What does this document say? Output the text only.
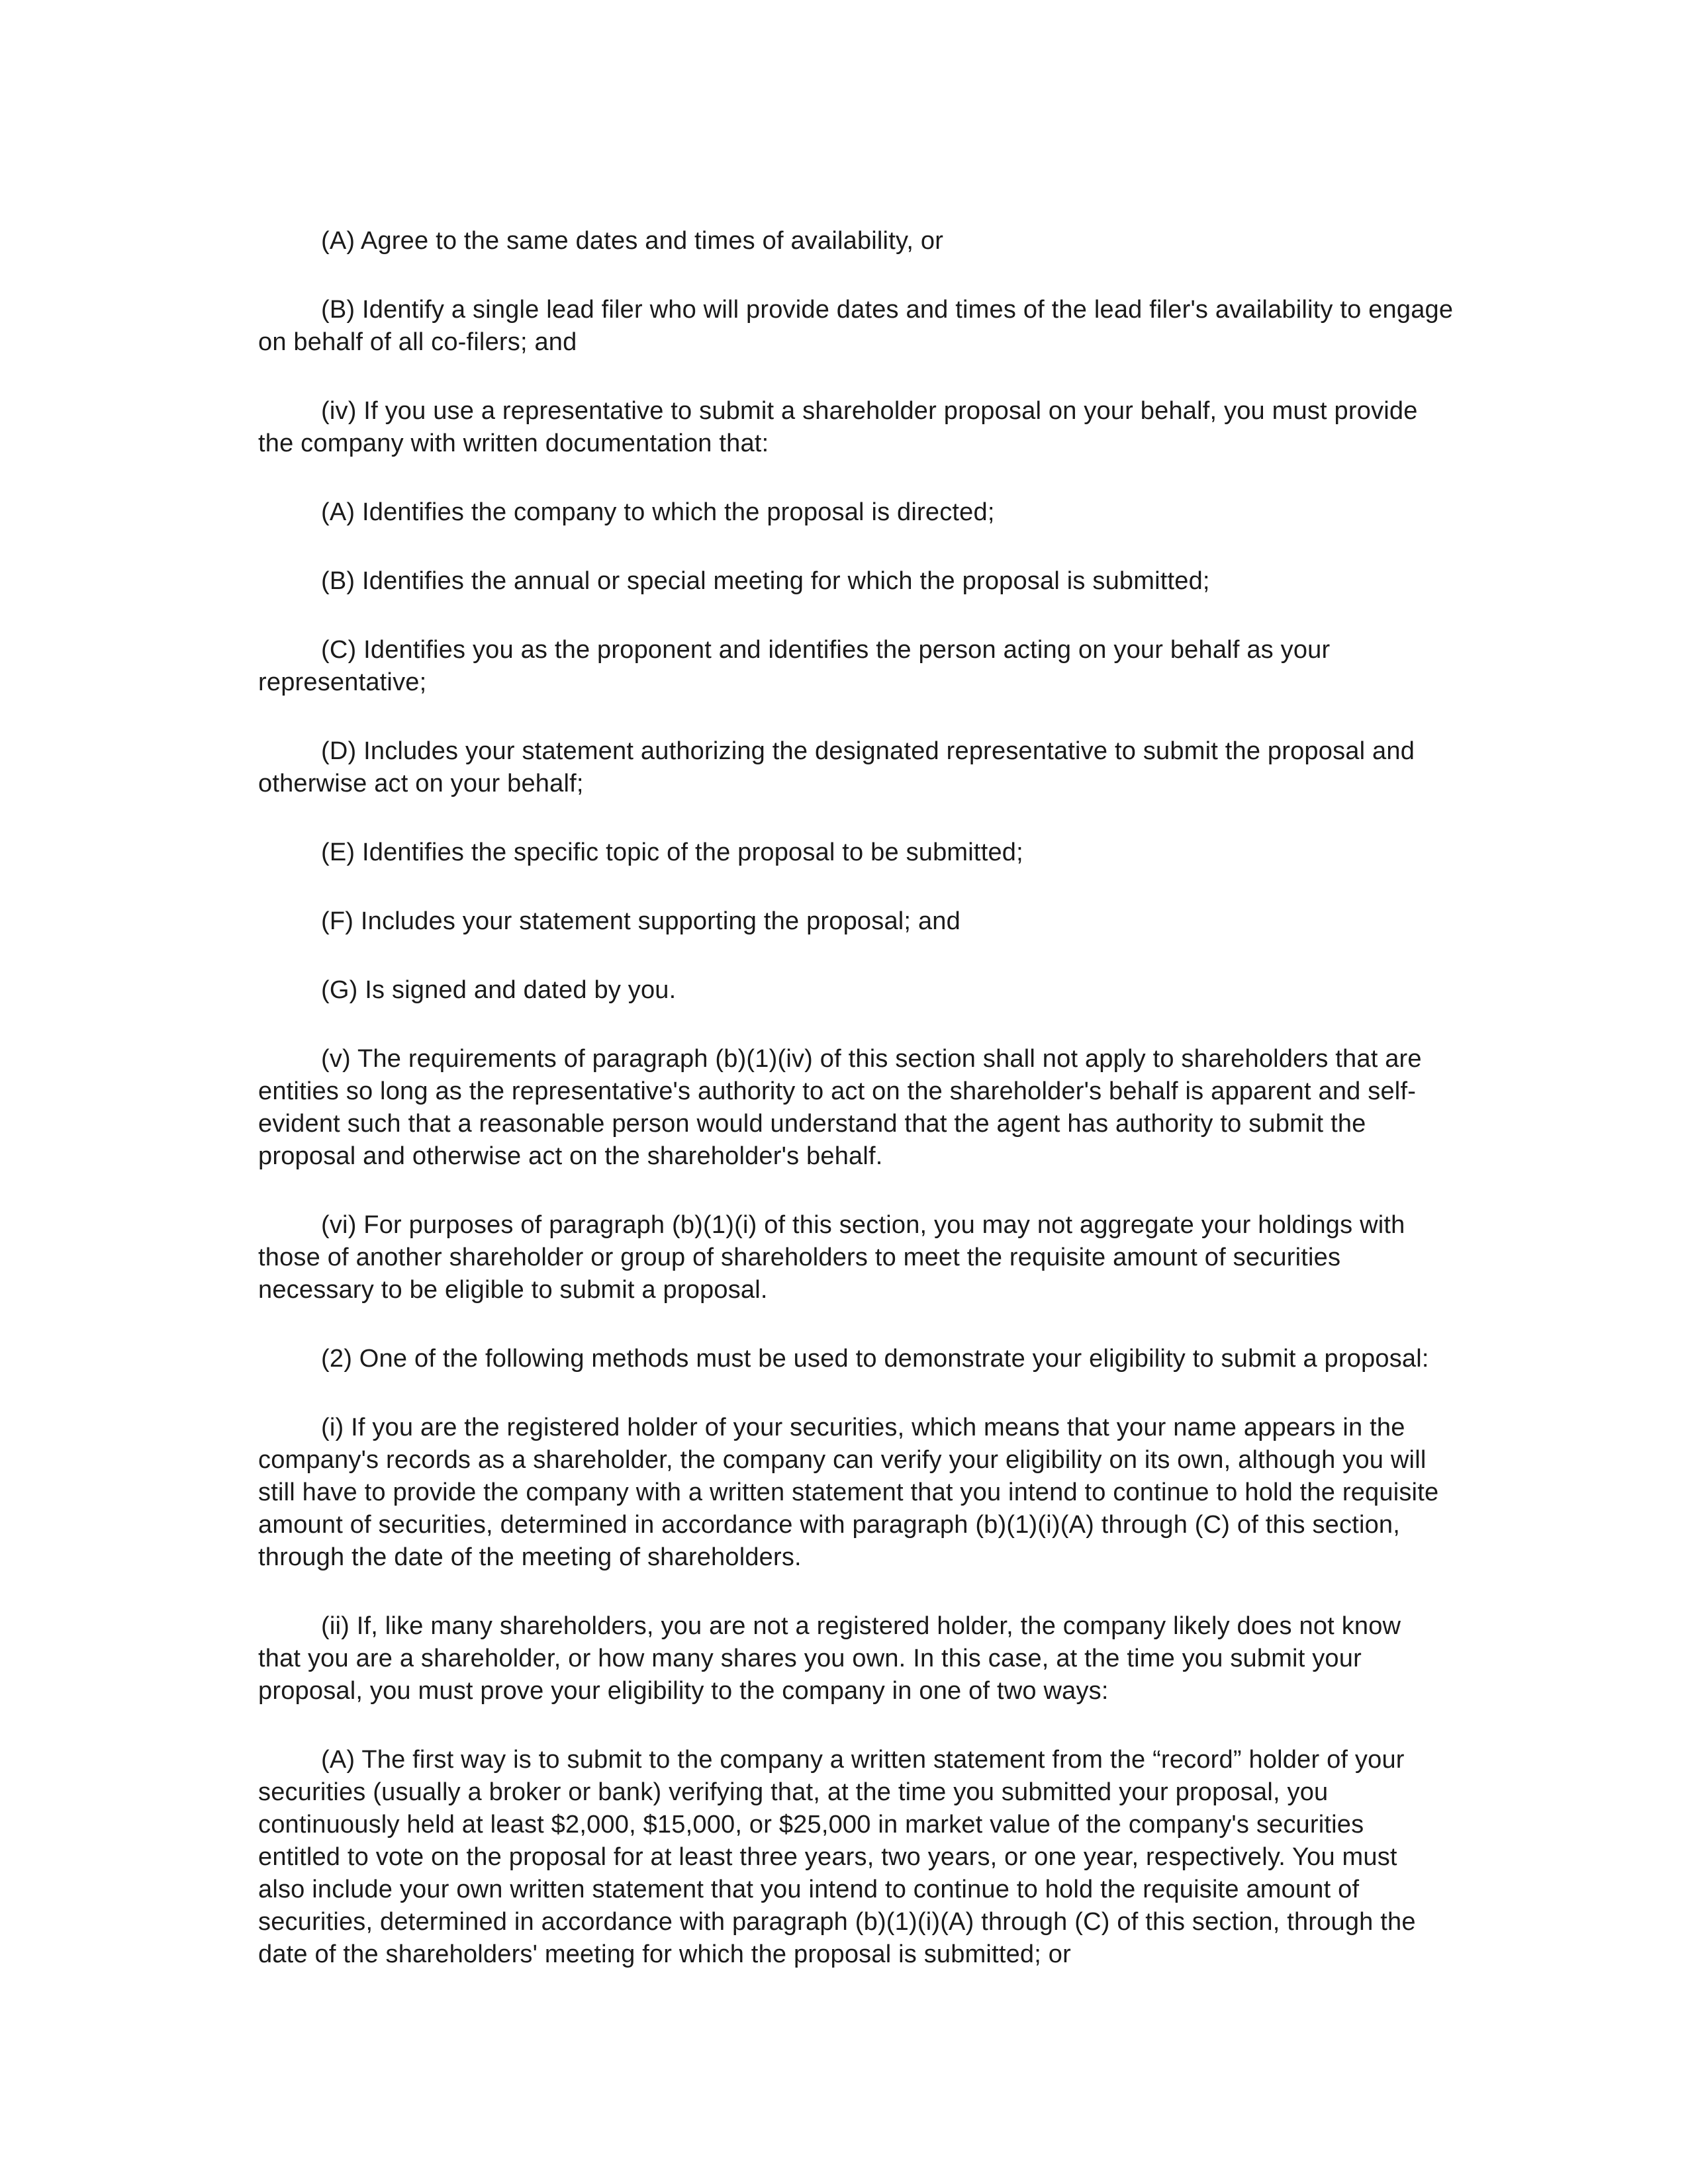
(A) Agree to the same dates and times of availability, or

(B) Identify a single lead filer who will provide dates and times of the lead filer's availability to engage on behalf of all co-filers; and

(iv) If you use a representative to submit a shareholder proposal on your behalf, you must provide the company with written documentation that:

(A) Identifies the company to which the proposal is directed;

(B) Identifies the annual or special meeting for which the proposal is submitted;

(C) Identifies you as the proponent and identifies the person acting on your behalf as your representative;

(D) Includes your statement authorizing the designated representative to submit the proposal and otherwise act on your behalf;

(E) Identifies the specific topic of the proposal to be submitted;

(F) Includes your statement supporting the proposal; and

(G) Is signed and dated by you.

(v) The requirements of paragraph (b)(1)(iv) of this section shall not apply to shareholders that are entities so long as the representative's authority to act on the shareholder's behalf is apparent and self-evident such that a reasonable person would understand that the agent has authority to submit the proposal and otherwise act on the shareholder's behalf.

(vi) For purposes of paragraph (b)(1)(i) of this section, you may not aggregate your holdings with those of another shareholder or group of shareholders to meet the requisite amount of securities necessary to be eligible to submit a proposal.

(2) One of the following methods must be used to demonstrate your eligibility to submit a proposal:

(i) If you are the registered holder of your securities, which means that your name appears in the company's records as a shareholder, the company can verify your eligibility on its own, although you will still have to provide the company with a written statement that you intend to continue to hold the requisite amount of securities, determined in accordance with paragraph (b)(1)(i)(A) through (C) of this section, through the date of the meeting of shareholders.

(ii) If, like many shareholders, you are not a registered holder, the company likely does not know that you are a shareholder, or how many shares you own. In this case, at the time you submit your proposal, you must prove your eligibility to the company in one of two ways:

(A) The first way is to submit to the company a written statement from the “record” holder of your securities (usually a broker or bank) verifying that, at the time you submitted your proposal, you continuously held at least $2,000, $15,000, or $25,000 in market value of the company's securities entitled to vote on the proposal for at least three years, two years, or one year, respectively. You must also include your own written statement that you intend to continue to hold the requisite amount of securities, determined in accordance with paragraph (b)(1)(i)(A) through (C) of this section, through the date of the shareholders' meeting for which the proposal is submitted; or
